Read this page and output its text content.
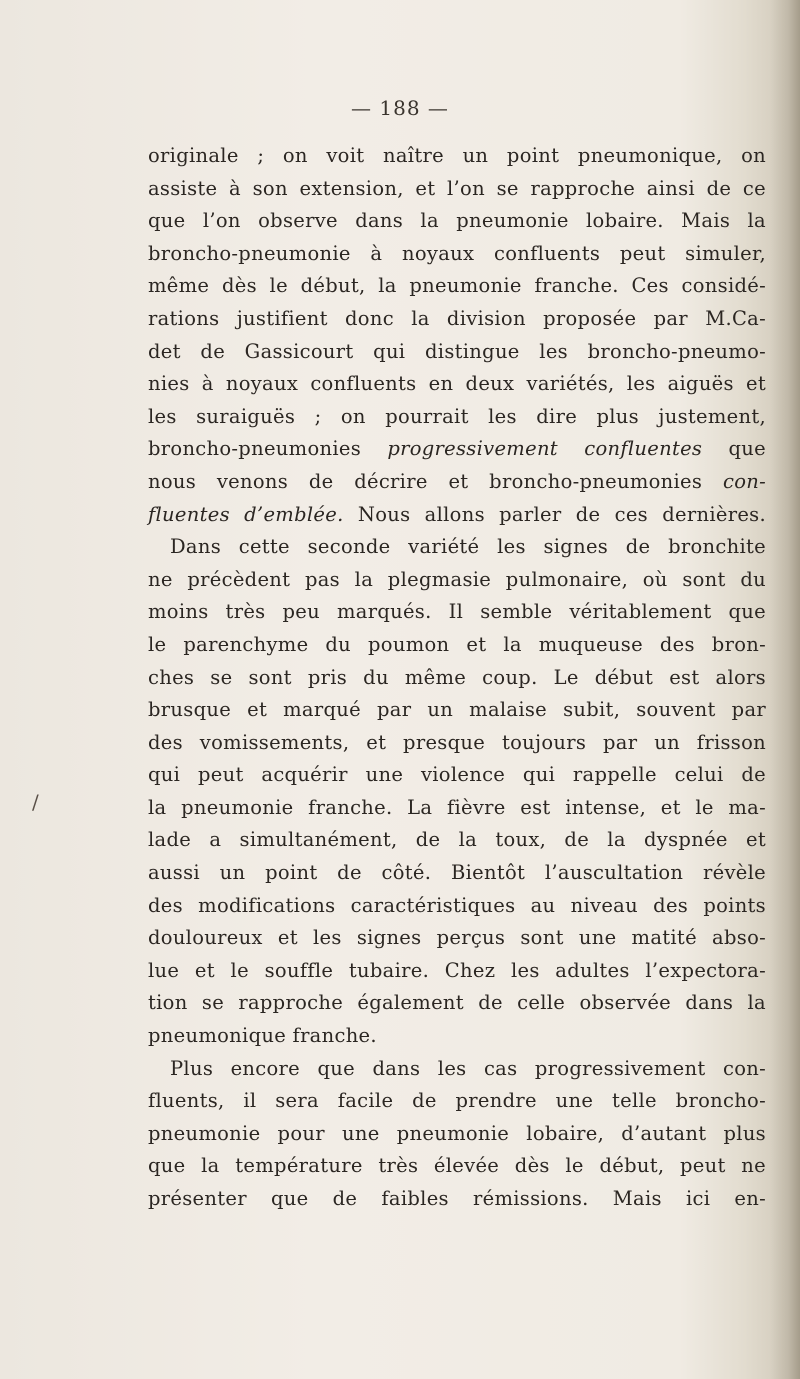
— 188 —
/
originale ; on voit naître un point pneumonique, on
assiste à son extension, et l’on se rapproche ainsi de ce
que l’on observe dans la pneumonie lobaire. Mais la
broncho-pneumonie à noyaux confluents peut simuler,
même dès le début, la pneumonie franche. Ces considé-
rations justifient donc la division proposée par M.Ca-
det de Gassicourt qui distingue les broncho-pneumo-
nies à noyaux confluents en deux variétés, les aiguës et
les suraiguës ; on pourrait les dire plus justement,
broncho-pneumonies progressivement confluentes que
nous venons de décrire et broncho-pneumonies con-
fluentes d’emblée. Nous allons parler de ces dernières.
Dans cette seconde variété les signes de bronchite
ne précèdent pas la plegmasie pulmonaire, où sont du
moins très peu marqués. Il semble véritablement que
le parenchyme du poumon et la muqueuse des bron-
ches se sont pris du même coup. Le début est alors
brusque et marqué par un malaise subit, souvent par
des vomissements, et presque toujours par un frisson
qui peut acquérir une violence qui rappelle celui de
la pneumonie franche. La fièvre est intense, et le ma-
lade a simultanément, de la toux, de la dyspnée et
aussi un point de côté. Bientôt l’auscultation révèle
des modifications caractéristiques au niveau des points
douloureux et les signes perçus sont une matité abso-
lue et le souffle tubaire. Chez les adultes l’expectora-
tion se rapproche également de celle observée dans la
pneumonique franche.
Plus encore que dans les cas progressivement con-
fluents, il sera facile de prendre une telle broncho-
pneumonie pour une pneumonie lobaire, d’autant plus
que la température très élevée dès le début, peut ne
présenter que de faibles rémissions. Mais ici en-
